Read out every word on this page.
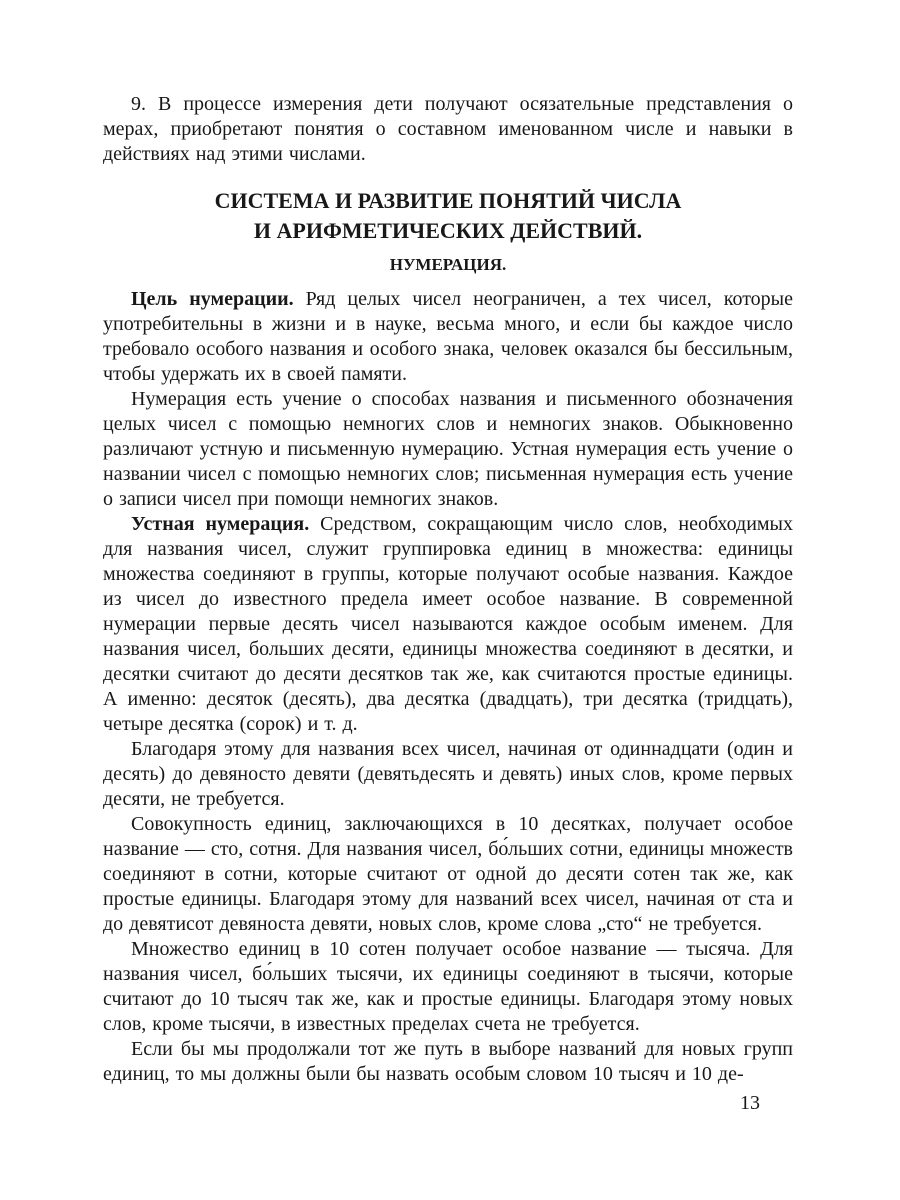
9. В процессе измерения дети получают осязательные представления о мерах, приобретают понятия о составном именованном числе и навыки в действиях над этими числами.

СИСТЕМА И РАЗВИТИЕ ПОНЯТИЙ ЧИСЛА
И АРИФМЕТИЧЕСКИХ ДЕЙСТВИЙ.
НУМЕРАЦИЯ.

Цель нумерации. Ряд целых чисел неограничен, а тех чисел, которые употребительны в жизни и в науке, весьма много, и если бы каждое число требовало особого названия и особого знака, человек оказался бы бессильным, чтобы удержать их в своей памяти.

Нумерация есть учение о способах названия и письменного обозначения целых чисел с помощью немногих слов и немногих знаков. Обыкновенно различают устную и письменную нумерацию. Устная нумерация есть учение о названии чисел с помощью немногих слов; письменная нумерация есть учение о записи чисел при помощи немногих знаков.

Устная нумерация. Средством, сокращающим число слов, необходимых для названия чисел, служит группировка единиц в множества: единицы множества соединяют в группы, которые получают особые названия. Каждое из чисел до известного предела имеет особое название. В современной нумерации первые десять чисел называются каждое особым именем. Для названия чисел, больших десяти, единицы множества соединяют в десятки, и десятки считают до десяти десятков так же, как считаются простые единицы. А именно: десяток (десять), два десятка (двадцать), три десятка (тридцать), четыре десятка (сорок) и т. д.

Благодаря этому для названия всех чисел, начиная от одиннадцати (один и десять) до девяносто девяти (девятьдесять и девять) иных слов, кроме первых десяти, не требуется.

Совокупность единиц, заключающихся в 10 десятках, получает особое название — сто, сотня. Для названия чисел, бо́льших сотни, единицы множеств соединяют в сотни, которые считают от одной до десяти сотен так же, как простые единицы. Благодаря этому для названий всех чисел, начиная от ста и до девятисот девяноста девяти, новых слов, кроме слова „сто“ не требуется.

Множество единиц в 10 сотен получает особое название — тысяча. Для названия чисел, бо́льших тысячи, их единицы соединяют в тысячи, которые считают до 10 тысяч так же, как и простые единицы. Благодаря этому новых слов, кроме тысячи, в известных пределах счета не требуется.

Если бы мы продолжали тот же путь в выборе названий для новых групп единиц, то мы должны были бы назвать особым словом 10 тысяч и 10 де-

13
